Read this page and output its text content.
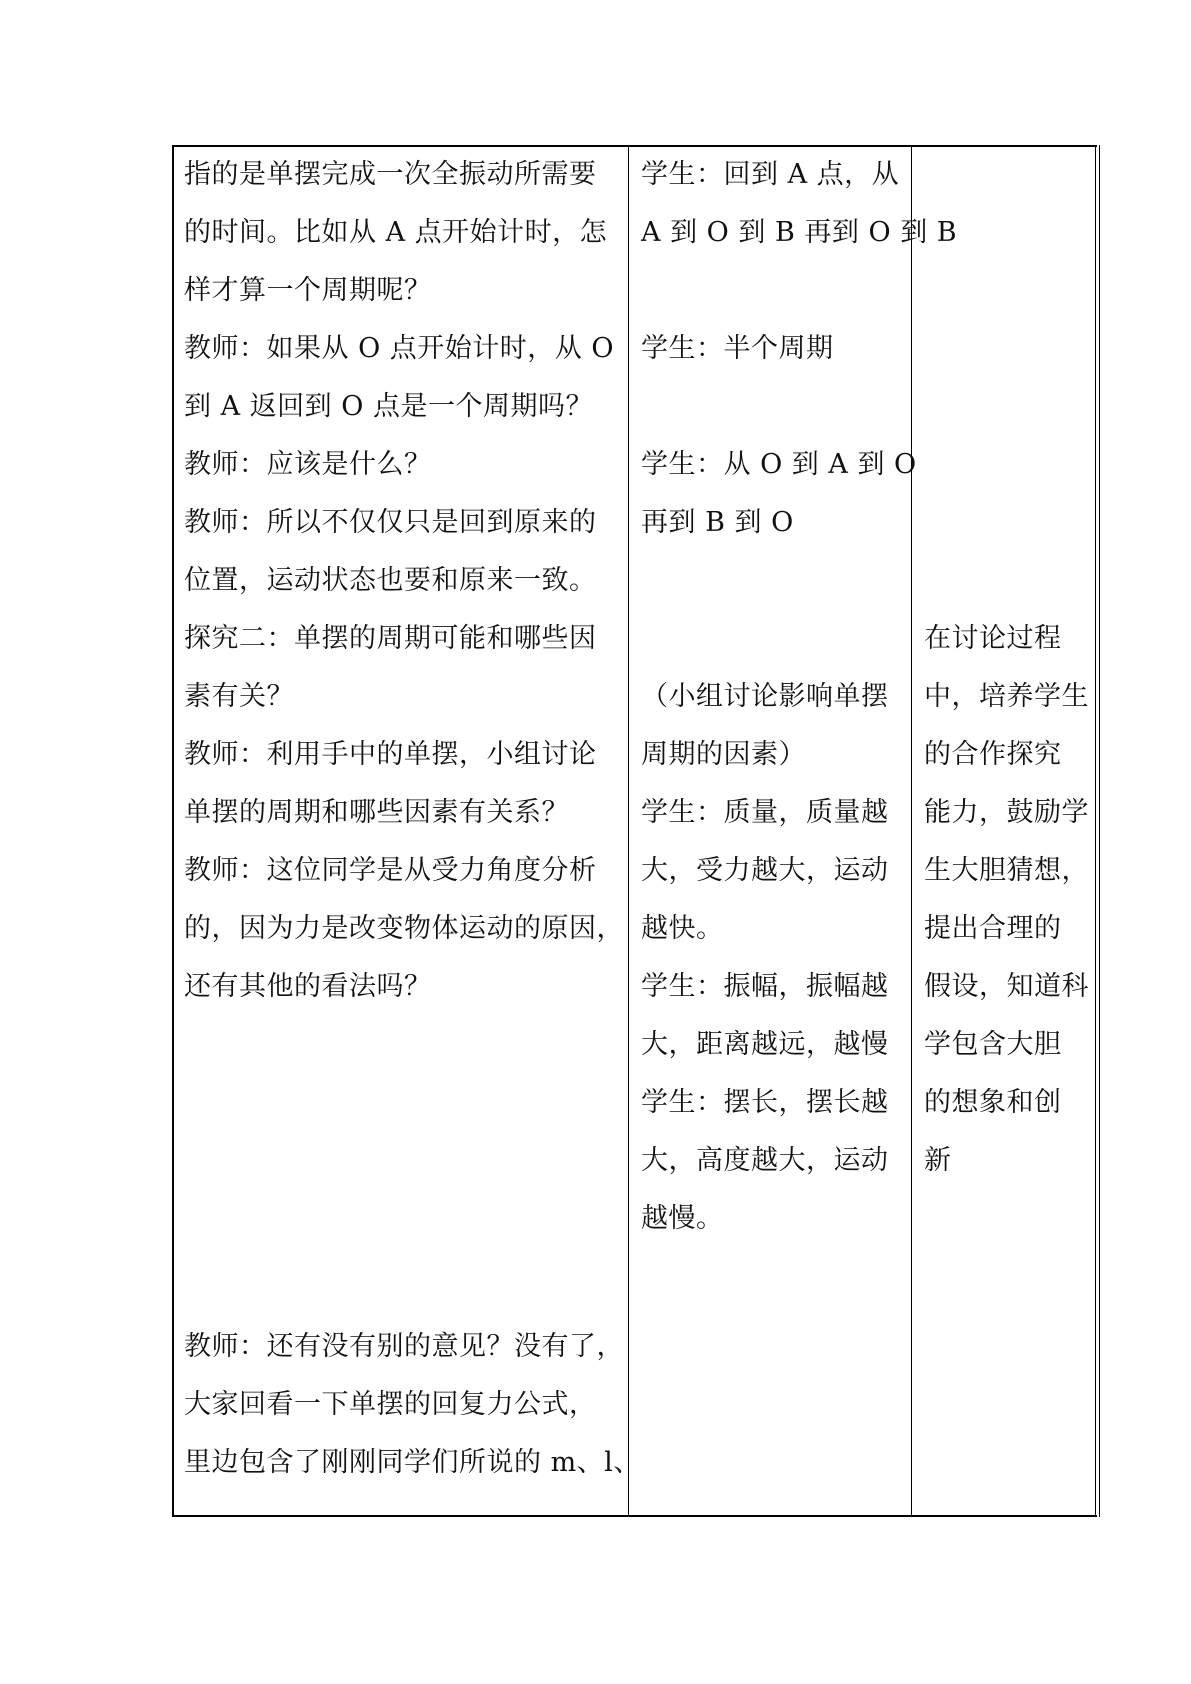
指的是单摆完成一次全振动所需要
的时间。比如从 A 点开始计时，怎
样才算一个周期呢？
教师：如果从 O 点开始计时，从 O
到 A 返回到 O 点是一个周期吗？
教师：应该是什么？
教师：所以不仅仅只是回到原来的
位置，运动状态也要和原来一致。
探究二：单摆的周期可能和哪些因
素有关？
教师：利用手中的单摆，小组讨论
单摆的周期和哪些因素有关系？
教师：这位同学是从受力角度分析
的，因为力是改变物体运动的原因，
还有其他的看法吗？
教师：还有没有别的意见？没有了，
大家回看一下单摆的回复力公式，
里边包含了刚刚同学们所说的 m、l、
学生：回到 A 点，从
A 到 O 到 B 再到 O 到 B
学生：半个周期
学生：从 O 到 A 到 O
再到 B 到 O
（小组讨论影响单摆
周期的因素）
学生：质量，质量越
大，受力越大，运动
越快。
学生：振幅，振幅越
大，距离越远，越慢
学生：摆长，摆长越
大，高度越大，运动
越慢。
在讨论过程
中，培养学生
的合作探究
能力，鼓励学
生大胆猜想，
提出合理的
假设，知道科
学包含大胆
的想象和创
新
